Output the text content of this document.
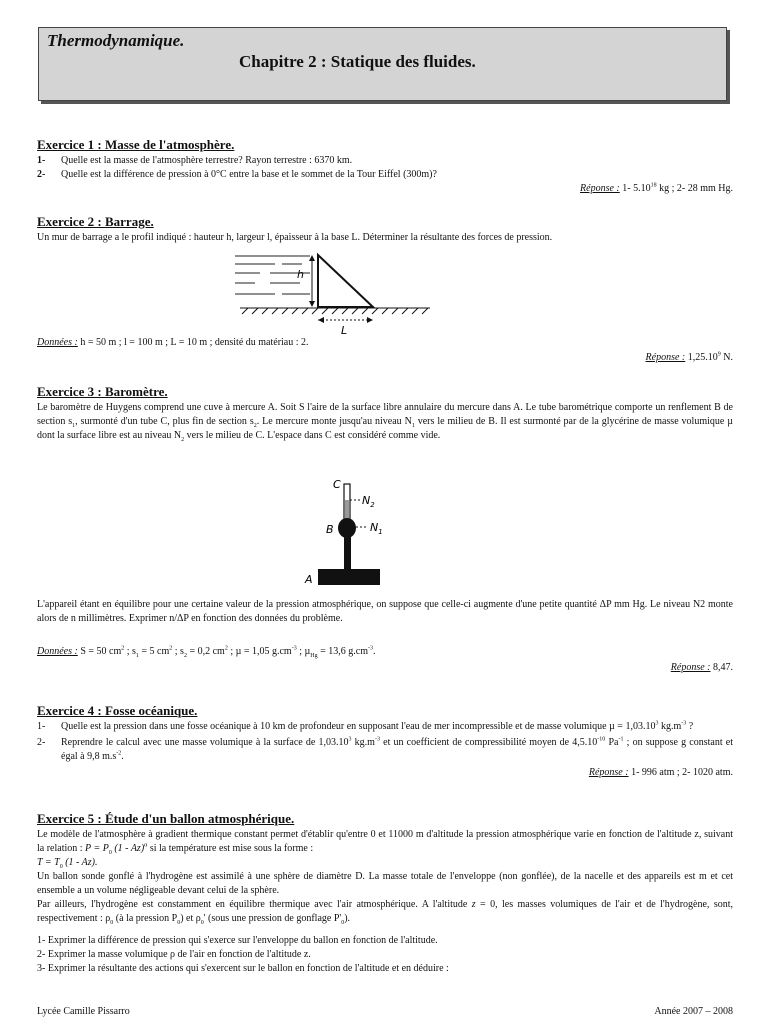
Thermodynamique.
Chapitre 2 : Statique des fluides.
Exercice 1 : Masse de l'atmosphère.
1-	Quelle est la masse de l'atmosphère terrestre? Rayon terrestre : 6370 km.
2-	Quelle est la différence de pression à 0°C entre la base et le sommet de la Tour Eiffel (300m)?
Réponse : 1- 5.10$^{18}$ kg ; 2- 28 mm Hg.
Exercice 2 : Barrage.
Un mur de barrage a le profil indiqué : hauteur h, largeur l, épaisseur à la base L. Déterminer la résultante des forces de pression.
h
L
Données : h = 50 m ; l = 100 m ; L = 10 m ; densité du matériau : 2.
Réponse : 1,25.10$^9$ N.
Exercice 3 : Baromètre.
Le baromètre de Huygens comprend une cuve à mercure A. Soit S l'aire de la surface libre annulaire du mercure dans A. Le tube barométrique comporte un renflement B de section $s_1$, surmonté d'un tube C, plus fin de section $s_2$. Le mercure monte jusqu'au niveau $N_1$ vers le milieu de B. Il est surmonté par de la glycérine de masse volumique µ dont la surface libre est au niveau $N_2$ vers le milieu de C. L'espace dans C est considéré comme vide.
C
$N_2$
B	$N_1$
A
L'appareil étant en équilibre pour une certaine valeur de la pression atmosphérique, on suppose que celle-ci augmente d'une petite quantité ΔP mm Hg. Le niveau N2 monte alors de n millimètres. Exprimer n/ΔP en fonction des données du problème.
Données : S = 50 $cm^2$ ; $s_1 = 5$ $cm^2$ ; $s_2 = 0,2$ $cm^2$ ; µ = 1,05 $g.cm^{-3}$ ; µ$_{Hg}$ = 13,6 $g.cm^{-3}$.
Réponse : 8,47.
Exercice 4 : Fosse océanique.
1-	Quelle est la pression dans une fosse océanique à 10 km de profondeur en supposant l'eau de mer incompressible et de masse volumique $\mu = 1,03.10^3$ $kg.m^{-3}$ ?
2-	Reprendre le calcul avec une masse volumique à la surface de 1,03.10$^3$ $kg.m^{-3}$ et un coefficient de compressibilité moyen de $4,5.10^{-10}$ $Pa^{-1}$ ; on suppose g constant et égal à 9,8 $m.s^{-2}$.
Réponse : 1- 996 atm ; 2- 1020 atm.
Exercice 5 : Étude d'un ballon atmosphérique.
Le modèle de l'atmosphère à gradient thermique constant permet d'établir qu'entre 0 et 11000 m d'altitude la pression atmosphérique varie en fonction de l'altitude z, suivant la relation : $P = P_0$ (1 - Az)$^\alpha$ si la température est mise sous la forme :
$T = T_0$ (1 - Az).
Un ballon sonde gonflé à l'hydrogène est assimilé à une sphère de diamètre D. La masse totale de l'enveloppe (non gonflée), de la nacelle et des appareils est m et cet ensemble a un volume négligeable devant celui de la sphère.
Par ailleurs, l'hydrogène est constamment en équilibre thermique avec l'air atmosphérique. A l'altitude z = 0, les masses volumiques de l'air et de l'hydrogène, sont, respectivement : $\rho_0$ (à la pression $P_0$) et $\rho_0'$ (sous une pression de gonflage $P'_0$).
1- Exprimer la différence de pression qui s'exerce sur l'enveloppe du ballon en fonction de l'altitude.
2- Exprimer la masse volumique ρ de l'air en fonction de l'altitude z.
3- Exprimer la résultante des actions qui s'exercent sur le ballon en fonction de l'altitude et en déduire :
Lycée Camille Pissarro	Année 2007 – 2008
